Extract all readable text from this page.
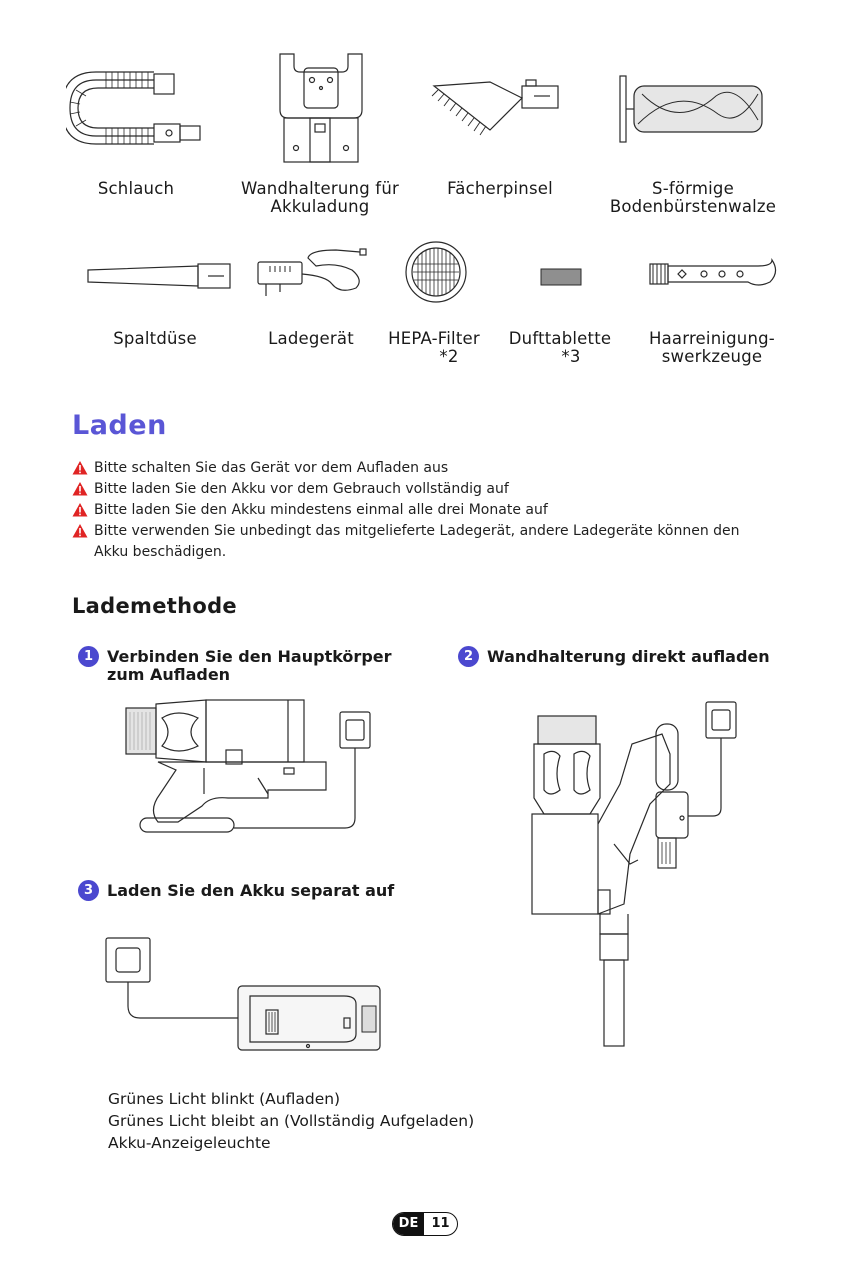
Schlauch	Wandhalterung für
Akkuladung
Fächerpinsel	S-förmige
Bodenbürstenwalze
Spaltdüse	Ladegerät	HEPA-Filter
*2
Dufttablette
*3
Haarreinigung-
swerkzeuge
Laden
Bitte schalten Sie das Gerät vor dem Aufladen aus
Bitte laden Sie den Akku vor dem Gebrauch vollständig auf
Bitte laden Sie den Akku mindestens einmal alle drei Monate auf
Bitte verwenden Sie unbedingt das mitgelieferte Ladegerät, andere Ladegeräte können den Akku beschädigen.
Lademethode
1 Verbinden Sie den Hauptkörper
zum Aufladen
2 Wandhalterung direkt aufladen
3 Laden Sie den Akku separat auf
Grünes Licht blinkt (Aufladen)
Grünes Licht bleibt an (Vollständig Aufgeladen)
Akku-Anzeigeleuchte
DE	11
